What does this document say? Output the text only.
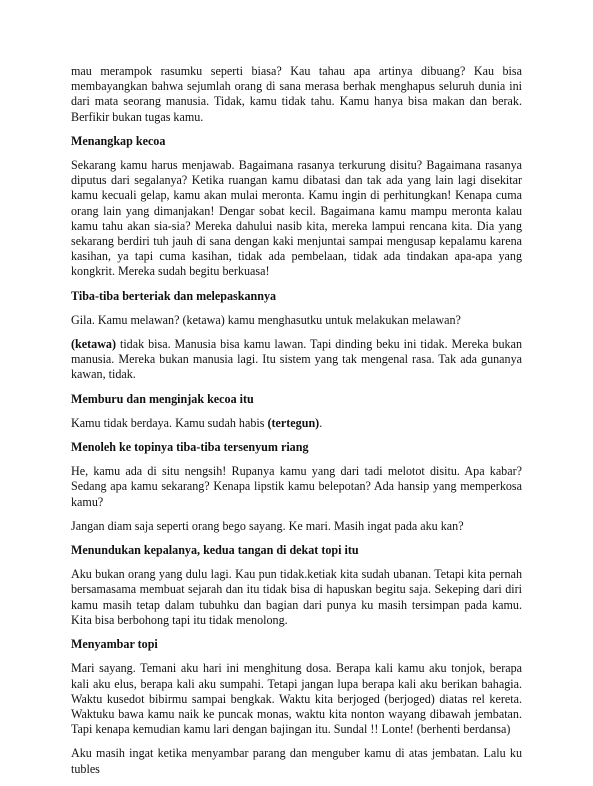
mau merampok rasumku seperti biasa? Kau tahau apa artinya dibuang? Kau bisa membayangkan bahwa sejumlah orang di sana merasa berhak menghapus seluruh dunia ini dari mata seorang manusia. Tidak, kamu tidak tahu. Kamu hanya bisa makan dan berak. Berfikir bukan tugas kamu.

Menangkap kecoa

Sekarang kamu harus menjawab. Bagaimana rasanya terkurung disitu? Bagaimana rasanya diputus dari segalanya? Ketika ruangan kamu dibatasi dan tak ada yang lain lagi disekitar kamu kecuali gelap, kamu akan mulai meronta. Kamu ingin di perhitungkan! Kenapa cuma orang lain yang dimanjakan! Dengar sobat kecil. Bagaimana kamu mampu meronta kalau kamu tahu akan sia-sia? Mereka dahului nasib kita, mereka lampui rencana kita. Dia yang sekarang berdiri tuh jauh di sana dengan kaki menjuntai sampai mengusap kepalamu karena kasihan, ya tapi cuma kasihan, tidak ada pembelaan, tidak ada tindakan apa-apa yang kongkrit. Mereka sudah begitu berkuasa!

Tiba-tiba berteriak dan melepaskannya

Gila. Kamu melawan? (ketawa) kamu menghasutku untuk melakukan melawan?

(ketawa) tidak bisa. Manusia bisa kamu lawan. Tapi dinding beku ini tidak. Mereka bukan manusia. Mereka bukan manusia lagi. Itu sistem yang tak mengenal rasa. Tak ada gunanya kawan, tidak.

Memburu dan menginjak kecoa itu

Kamu tidak berdaya. Kamu sudah habis (tertegun).

Menoleh ke topinya tiba-tiba tersenyum riang

He, kamu ada di situ nengsih! Rupanya kamu yang dari tadi melotot disitu. Apa kabar? Sedang apa kamu sekarang? Kenapa lipstik kamu belepotan? Ada hansip yang memperkosa kamu?

Jangan diam saja seperti orang bego sayang. Ke mari. Masih ingat pada aku kan?

Menundukan kepalanya, kedua tangan di dekat topi itu

Aku bukan orang yang dulu lagi. Kau pun tidak.ketiak kita sudah ubanan. Tetapi kita pernah bersamasama membuat sejarah dan itu tidak bisa di hapuskan begitu saja. Sekeping dari diri kamu masih tetap dalam tubuhku dan bagian dari punya ku masih tersimpan pada kamu. Kita bisa berbohong tapi itu tidak menolong.

Menyambar topi

Mari sayang. Temani aku hari ini menghitung dosa. Berapa kali kamu aku tonjok, berapa kali aku elus, berapa kali aku sumpahi. Tetapi jangan lupa berapa kali aku berikan bahagia. Waktu kusedot bibirmu sampai bengkak. Waktu kita berjoged (berjoged) diatas rel kereta. Waktuku bawa kamu naik ke puncak monas, waktu kita nonton wayang dibawah jembatan. Tapi kenapa kemudian kamu lari dengan bajingan itu. Sundal !! Lonte! (berhenti berdansa)

Aku masih ingat ketika menyambar parang dan menguber kamu di atas jembatan. Lalu ku tubles
